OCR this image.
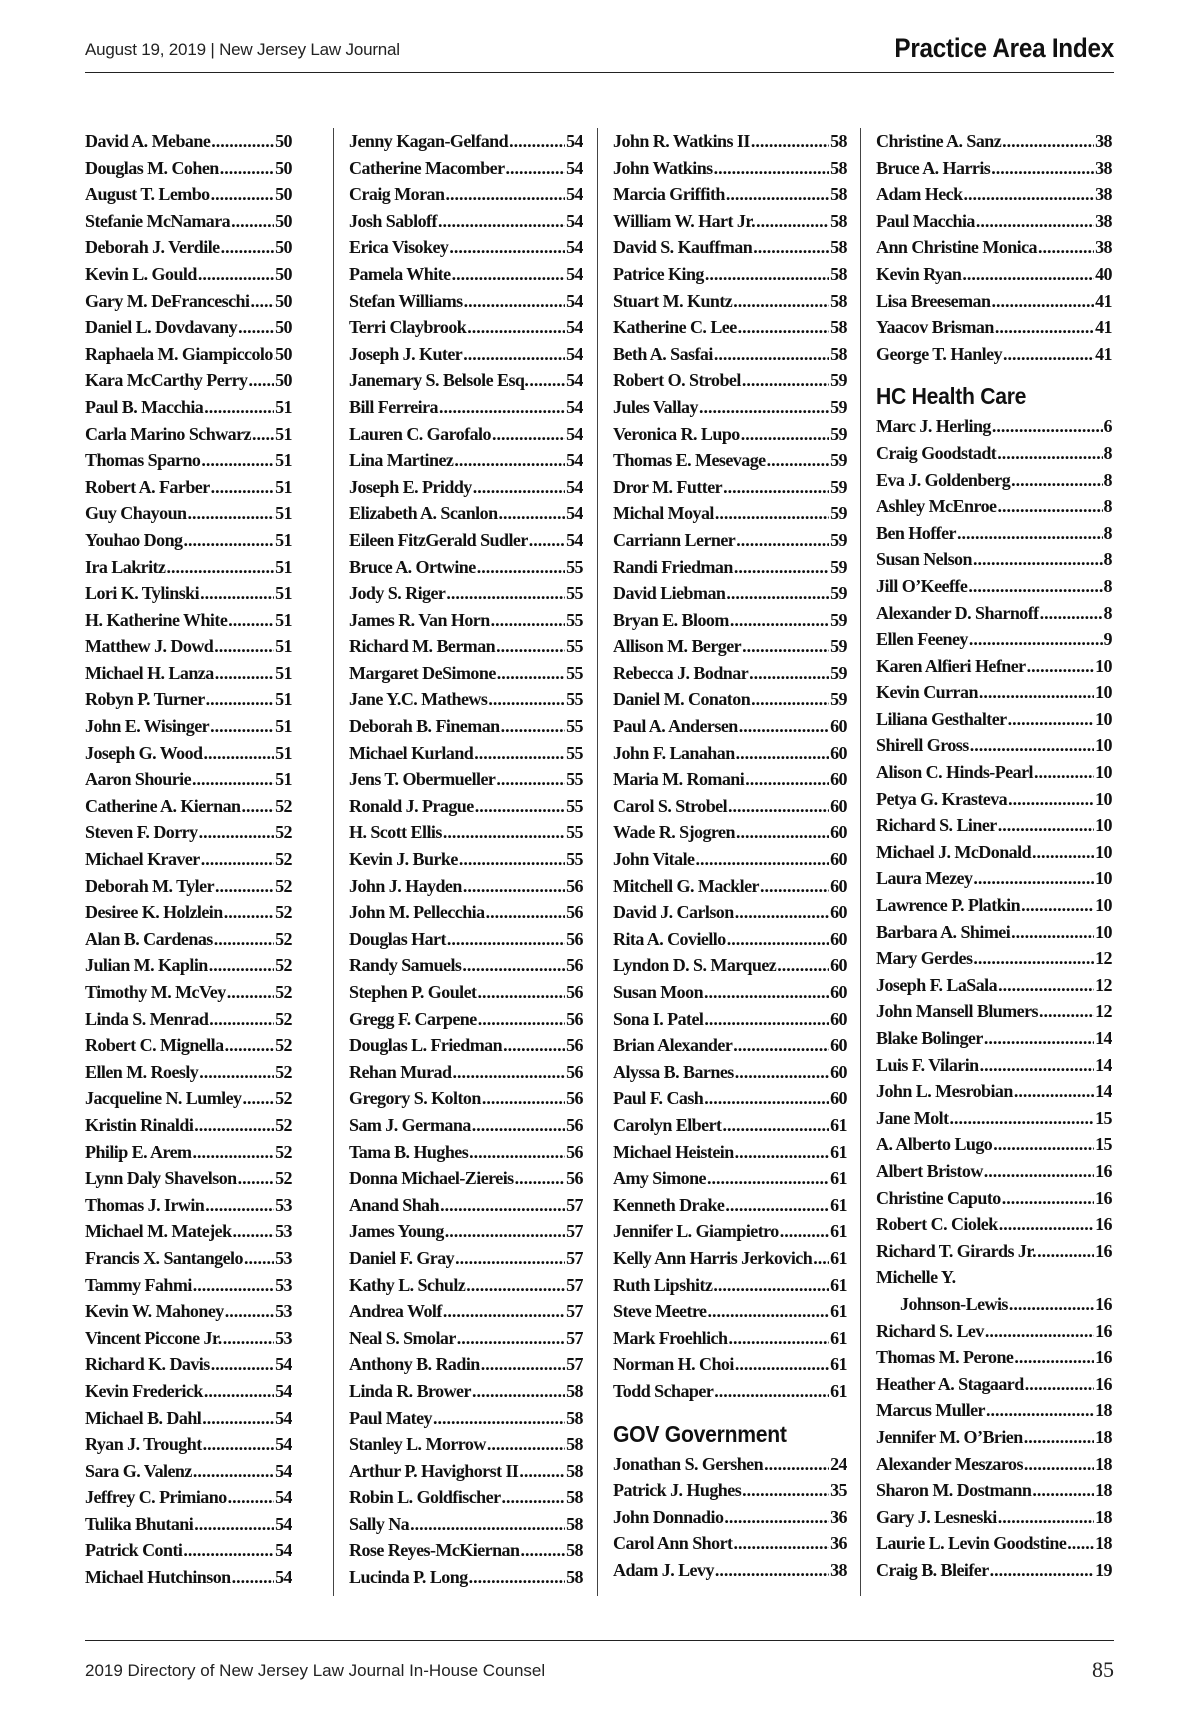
August 19, 2019 | New Jersey Law Journal	Practice Area Index
David A. Mebane .....	50
Douglas M. Cohen .....	50
August T. Lembo .....	50
Stefanie McNamara ..... 50
Deborah J. Verdile .....	50
Kevin L. Gould .....	50
Gary M. DeFranceschi ..... 50
Daniel L. Dovdavany ..... 50
Raphaela M. Giampiccolo ..... 50
Kara McCarthy Perry ..... 50
Paul B. Macchia .....	51
Carla Marino Schwarz ..... 51
Thomas Sparno .....	51
Robert A. Farber .....	51
Guy Chayoun .....	51
Youhao Dong .....	51
Ira Lakritz .....	51
Lori K. Tylinski .....	51
H. Katherine White .....	51
Matthew J. Dowd .....	51
Michael H. Lanza .....	51
Robyn P. Turner .....	51
John E. Wisinger .....	51
Joseph G. Wood .....	51
Aaron Shourie .....	51
Catherine A. Kiernan ..... 52
Steven F. Dorry .....	52
Michael Kraver .....	52
Deborah M. Tyler .....	52
Desiree K. Holzlein .....	52
Alan B. Cardenas .....	52
Julian M. Kaplin .....	52
Timothy M. McVey .....	52
Linda S. Menrad .....	52
Robert C. Mignella .....	52
Ellen M. Roesly .....	52
Jacqueline N. Lumley ..... 52
Kristin Rinaldi .....	52
Philip E. Arem .....	52
Lynn Daly Shavelson ..... 52
Thomas J. Irwin .....	53
Michael M. Matejek ..... 53
Francis X. Santangelo ..... 53
Tammy Fahmi .....	53
Kevin W. Mahoney .....	53
Vincent Piccone Jr. .....	53
Richard K. Davis .....	54
Kevin Frederick .....	54
Michael B. Dahl .....	54
Ryan J. Trought .....	54
Sara G. Valenz .....	54
Jeffrey C. Primiano .....	54
Tulika Bhutani .....	54
Patrick Conti .....	54
Michael Hutchinson ..... 54
Jenny Kagan-Gelfand .....	54
Catherine Macomber .....	54
Craig Moran .....	54
Josh Sabloff .....	54
Erica Visokey .....	54
Pamela White .....	54
Stefan Williams .....	54
Terri Claybrook .....	54
Joseph J. Kuter .....	54
Janemary S. Belsole Esq. ..... 54
Bill Ferreira .....	54
Lauren C. Garofalo .....	54
Lina Martinez .....	54
Joseph E. Priddy .....	54
Elizabeth A. Scanlon .....	54
Eileen FitzGerald Sudler ..... 54
Bruce A. Ortwine .....	55
Jody S. Riger .....	55
James R. Van Horn .....	55
Richard M. Berman .....	55
Margaret DeSimone .....	55
Jane Y.C. Mathews .....	55
Deborah B. Fineman .....	55
Michael Kurland .....	55
Jens T. Obermueller .....	55
Ronald J. Prague .....	55
H. Scott Ellis .....	55
Kevin J. Burke .....	55
John J. Hayden .....	56
John M. Pellecchia .....	56
Douglas Hart .....	56
Randy Samuels .....	56
Stephen P. Goulet .....	56
Gregg F. Carpene .....	56
Douglas L. Friedman .....	56
Rehan Murad .....	56
Gregory S. Kolton .....	56
Sam J. Germana .....	56
Tama B. Hughes .....	56
Donna Michael-Ziereis .....	56
Anand Shah .....	57
James Young .....	57
Daniel F. Gray .....	57
Kathy L. Schulz .....	57
Andrea Wolf .....	57
Neal S. Smolar .....	57
Anthony B. Radin .....	57
Linda R. Brower .....	58
Paul Matey .....	58
Stanley L. Morrow .....	58
Arthur P. Havighorst II .....	58
Robin L. Goldfischer .....	58
Sally Na .....	58
Rose Reyes-McKiernan .....	58
Lucinda P. Long .....	58
John R. Watkins II .....	58
John Watkins .....	58
Marcia Griffith .....	58
William W. Hart Jr. .....	58
David S. Kauffman .....	58
Patrice King .....	58
Stuart M. Kuntz .....	58
Katherine C. Lee .....	58
Beth A. Sasfai .....	58
Robert O. Strobel .....	59
Jules Vallay .....	59
Veronica R. Lupo .....	59
Thomas E. Mesevage .....	59
Dror M. Futter .....	59
Michal Moyal .....	59
Carriann Lerner .....	59
Randi Friedman .....	59
David Liebman .....	59
Bryan E. Bloom .....	59
Allison M. Berger .....	59
Rebecca J. Bodnar .....	59
Daniel M. Conaton .....	59
Paul A. Andersen .....	60
John F. Lanahan .....	60
Maria M. Romani .....	60
Carol S. Strobel .....	60
Wade R. Sjogren .....	60
John Vitale .....	60
Mitchell G. Mackler .....	60
David J. Carlson .....	60
Rita A. Coviello .....	60
Lyndon D. S. Marquez .....	60
Susan Moon .....	60
Sona I. Patel .....	60
Brian Alexander .....	60
Alyssa B. Barnes .....	60
Paul F. Cash .....	60
Carolyn Elbert .....	61
Michael Heistein .....	61
Amy Simone .....	61
Kenneth Drake .....	61
Jennifer L. Giampietro .....	61
Kelly Ann Harris Jerkovich ..... 61
Ruth Lipshitz .....	61
Steve Meetre .....	61
Mark Froehlich .....	61
Norman H. Choi .....	61
Todd Schaper .....	61
GOV Government
Jonathan S. Gershen .....	24
Patrick J. Hughes .....	35
John Donnadio .....	36
Carol Ann Short .....	36
Adam J. Levy .....	38
Christine A. Sanz .....	38
Bruce A. Harris .....	38
Adam Heck .....	38
Paul Macchia .....	38
Ann Christine Monica .....	38
Kevin Ryan .....	40
Lisa Breeseman .....	41
Yaacov Brisman .....	41
George T. Hanley .....	41
HC Health Care
Marc J. Herling .....	6
Craig Goodstadt .....	8
Eva J. Goldenberg .....	8
Ashley McEnroe .....	8
Ben Hoffer .....	8
Susan Nelson .....	8
Jill O’Keeffe .....	8
Alexander D. Sharnoff .....	8
Ellen Feeney .....	9
Karen Alfieri Hefner .....	10
Kevin Curran .....	10
Liliana Gesthalter .....	10
Shirell Gross .....	10
Alison C. Hinds-Pearl .....	10
Petya G. Krasteva .....	10
Richard S. Liner .....	10
Michael J. McDonald .....	10
Laura Mezey .....	10
Lawrence P. Platkin .....	10
Barbara A. Shimei .....	10
Mary Gerdes .....	12
Joseph F. LaSala .....	12
John Mansell Blumers .....	12
Blake Bolinger .....	14
Luis F. Vilarin .....	14
John L. Mesrobian .....	14
Jane Molt .....	15
A. Alberto Lugo .....	15
Albert Bristow .....	16
Christine Caputo .....	16
Robert C. Ciolek .....	16
Richard T. Girards Jr. .....	16
Michelle Y.
Johnson-Lewis .....	16
Richard S. Lev .....	16
Thomas M. Perone .....	16
Heather A. Stagaard .....	16
Marcus Muller .....	18
Jennifer M. O’Brien .....	18
Alexander Meszaros .....	18
Sharon M. Dostmann .....	18
Gary J. Lesneski .....	18
Laurie L. Levin Goodstine ..... 18
Craig B. Bleifer .....	19
2019 Directory of New Jersey Law Journal In-House Counsel	85
